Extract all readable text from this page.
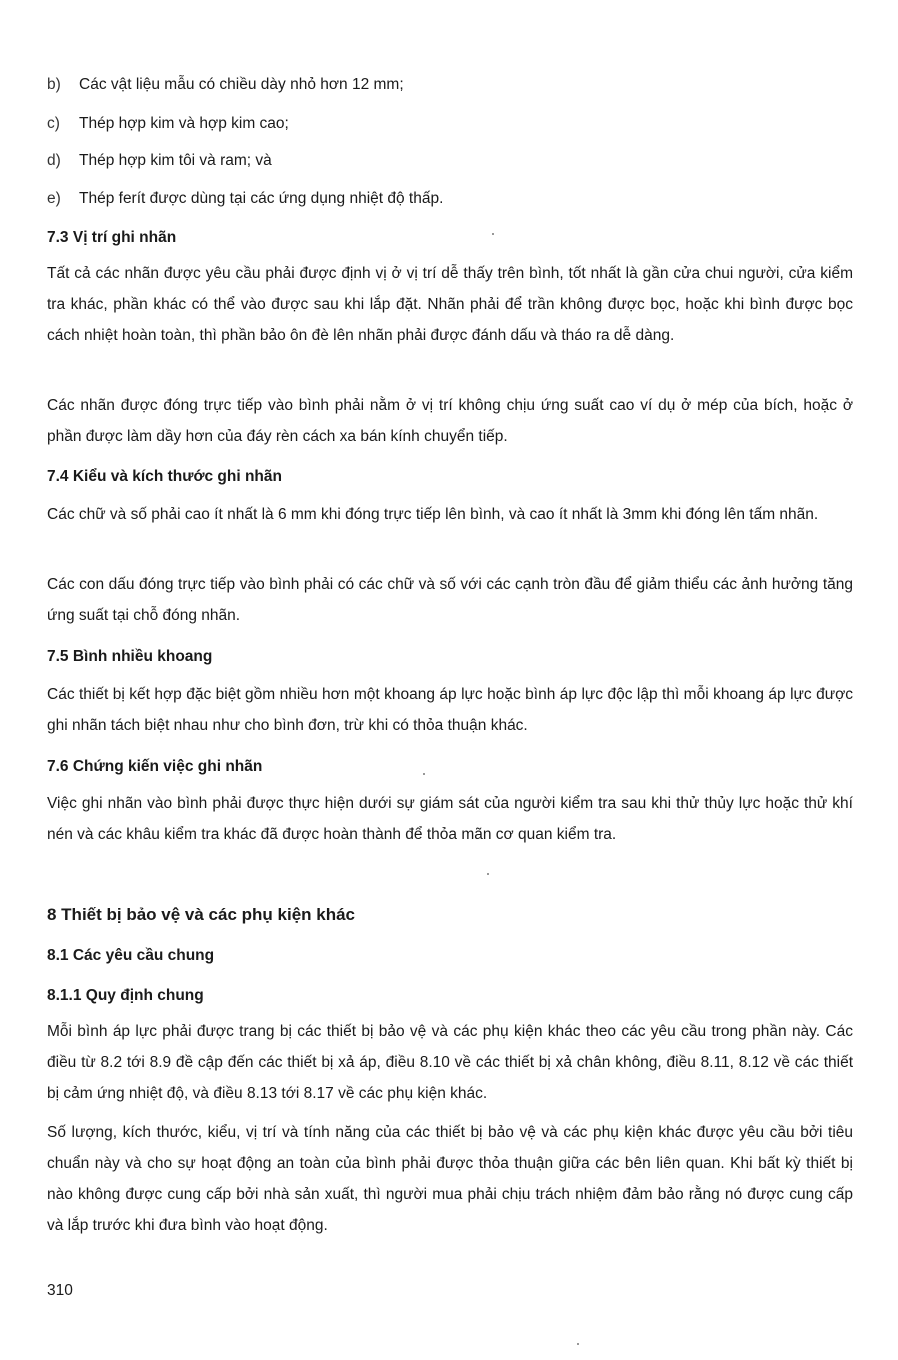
b) Các vật liệu mẫu có chiều dày nhỏ hơn 12 mm;
c) Thép hợp kim và hợp kim cao;
d) Thép hợp kim tôi và ram; và
e) Thép ferít được dùng tại các ứng dụng nhiệt độ thấp.
7.3 Vị trí ghi nhãn
Tất cả các nhãn được yêu cầu phải được định vị ở vị trí dễ thấy trên bình, tốt nhất là gần cửa chui người, cửa kiểm tra khác, phần khác có thể vào được sau khi lắp đặt. Nhãn phải để trần không được bọc, hoặc khi bình được bọc cách nhiệt hoàn toàn, thì phần bảo ôn đè lên nhãn phải được đánh dấu và tháo ra dễ dàng.
Các nhãn được đóng trực tiếp vào bình phải nằm ở vị trí không chịu ứng suất cao ví dụ ở mép của bích, hoặc ở phần được làm dầy hơn của đáy rèn cách xa bán kính chuyển tiếp.
7.4 Kiểu và kích thước ghi nhãn
Các chữ và số phải cao ít nhất là 6 mm khi đóng trực tiếp lên bình, và cao ít nhất là 3mm khi đóng lên tấm nhãn.
Các con dấu đóng trực tiếp vào bình phải có các chữ và số với các cạnh tròn đầu để giảm thiểu các ảnh hưởng tăng ứng suất tại chỗ đóng nhãn.
7.5 Bình nhiều khoang
Các thiết bị kết hợp đặc biệt gồm nhiều hơn một khoang áp lực hoặc bình áp lực độc lập thì mỗi khoang áp lực được ghi nhãn tách biệt nhau như cho bình đơn, trừ khi có thỏa thuận khác.
7.6 Chứng kiến việc ghi nhãn
Việc ghi nhãn vào bình phải được thực hiện dưới sự giám sát của người kiểm tra sau khi thử thủy lực hoặc thử khí nén và các khâu kiểm tra khác đã được hoàn thành để thỏa mãn cơ quan kiểm tra.
8 Thiết bị bảo vệ và các phụ kiện khác
8.1 Các yêu cầu chung
8.1.1 Quy định chung
Mỗi bình áp lực phải được trang bị các thiết bị bảo vệ và các phụ kiện khác theo các yêu cầu trong phần này. Các điều từ 8.2 tới 8.9 đề cập đến các thiết bị xả áp, điều 8.10 về các thiết bị xả chân không, điều 8.11, 8.12 về các thiết bị cảm ứng nhiệt độ, và điều 8.13 tới 8.17 về các phụ kiện khác.
Số lượng, kích thước, kiểu, vị trí và tính năng của các thiết bị bảo vệ và các phụ kiện khác được yêu cầu bởi tiêu chuẩn này và cho sự hoạt động an toàn của bình phải được thỏa thuận giữa các bên liên quan. Khi bất kỳ thiết bị nào không được cung cấp bởi nhà sản xuất, thì người mua phải chịu trách nhiệm đảm bảo rằng nó được cung cấp và lắp trước khi đưa bình vào hoạt động.
310
